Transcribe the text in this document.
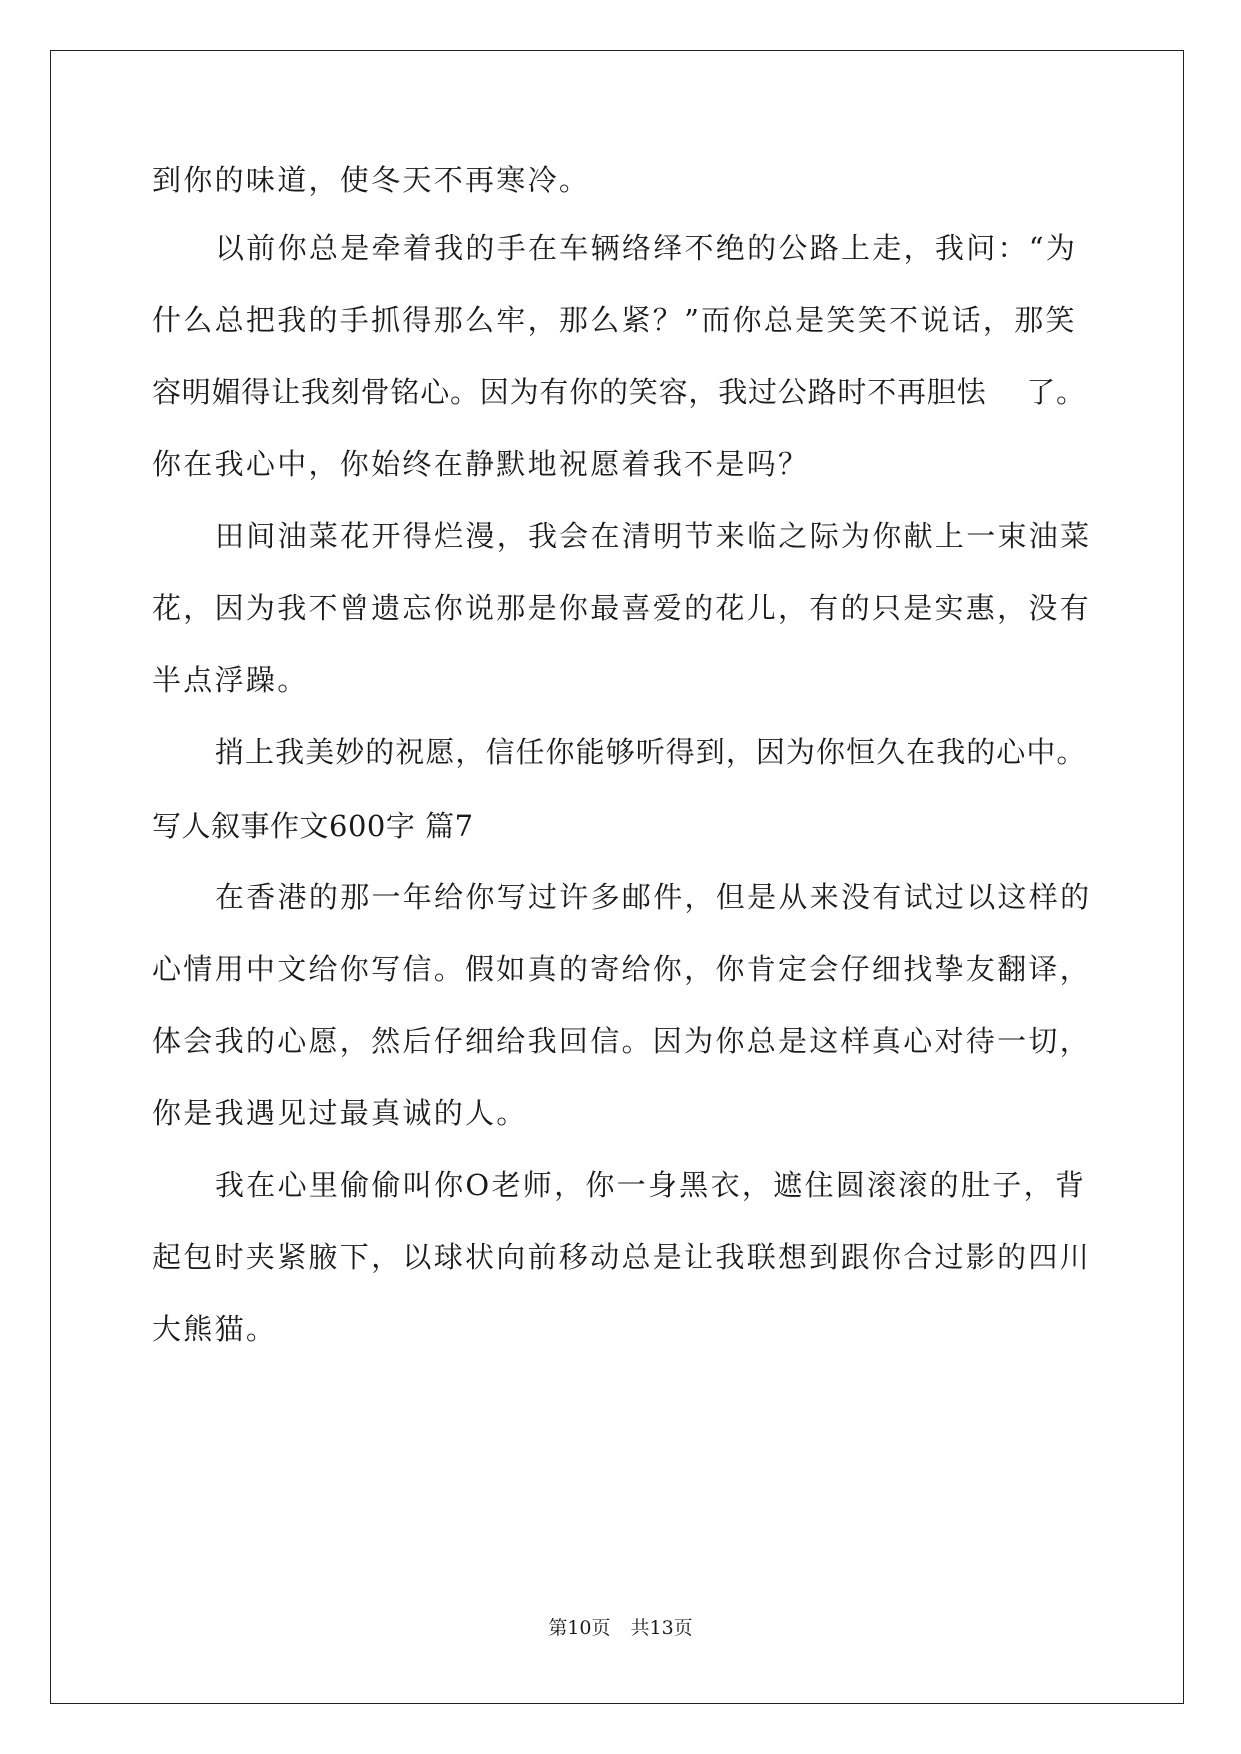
到你的味道，使冬天不再寒冷。
以前你总是牵着我的手在车辆络绎不绝的公路上走，我问：“为
什么总把我的手抓得那么牢，那么紧？”而你总是笑笑不说话，那笑
容明媚得让我刻骨铭心。因为有你的笑容，我过公路时不再胆怯　 了。
你在我心中，你始终在静默地祝愿着我不是吗？
田间油菜花开得烂漫，我会在清明节来临之际为你献上一束油菜
花，因为我不曾遗忘你说那是你最喜爱的花儿，有的只是实惠，没有
半点浮躁。
捎上我美妙的祝愿，信任你能够听得到，因为你恒久在我的心中。
写人叙事作文600字 篇7
在香港的那一年给你写过许多邮件，但是从来没有试过以这样的
心情用中文给你写信。假如真的寄给你，你肯定会仔细找挚友翻译，
体会我的心愿，然后仔细给我回信。因为你总是这样真心对待一切，
你是我遇见过最真诚的人。
我在心里偷偷叫你O老师，你一身黑衣，遮住圆滚滚的肚子，背
起包时夹紧腋下，以球状向前移动总是让我联想到跟你合过影的四川
大熊猫。
第10页 共13页
